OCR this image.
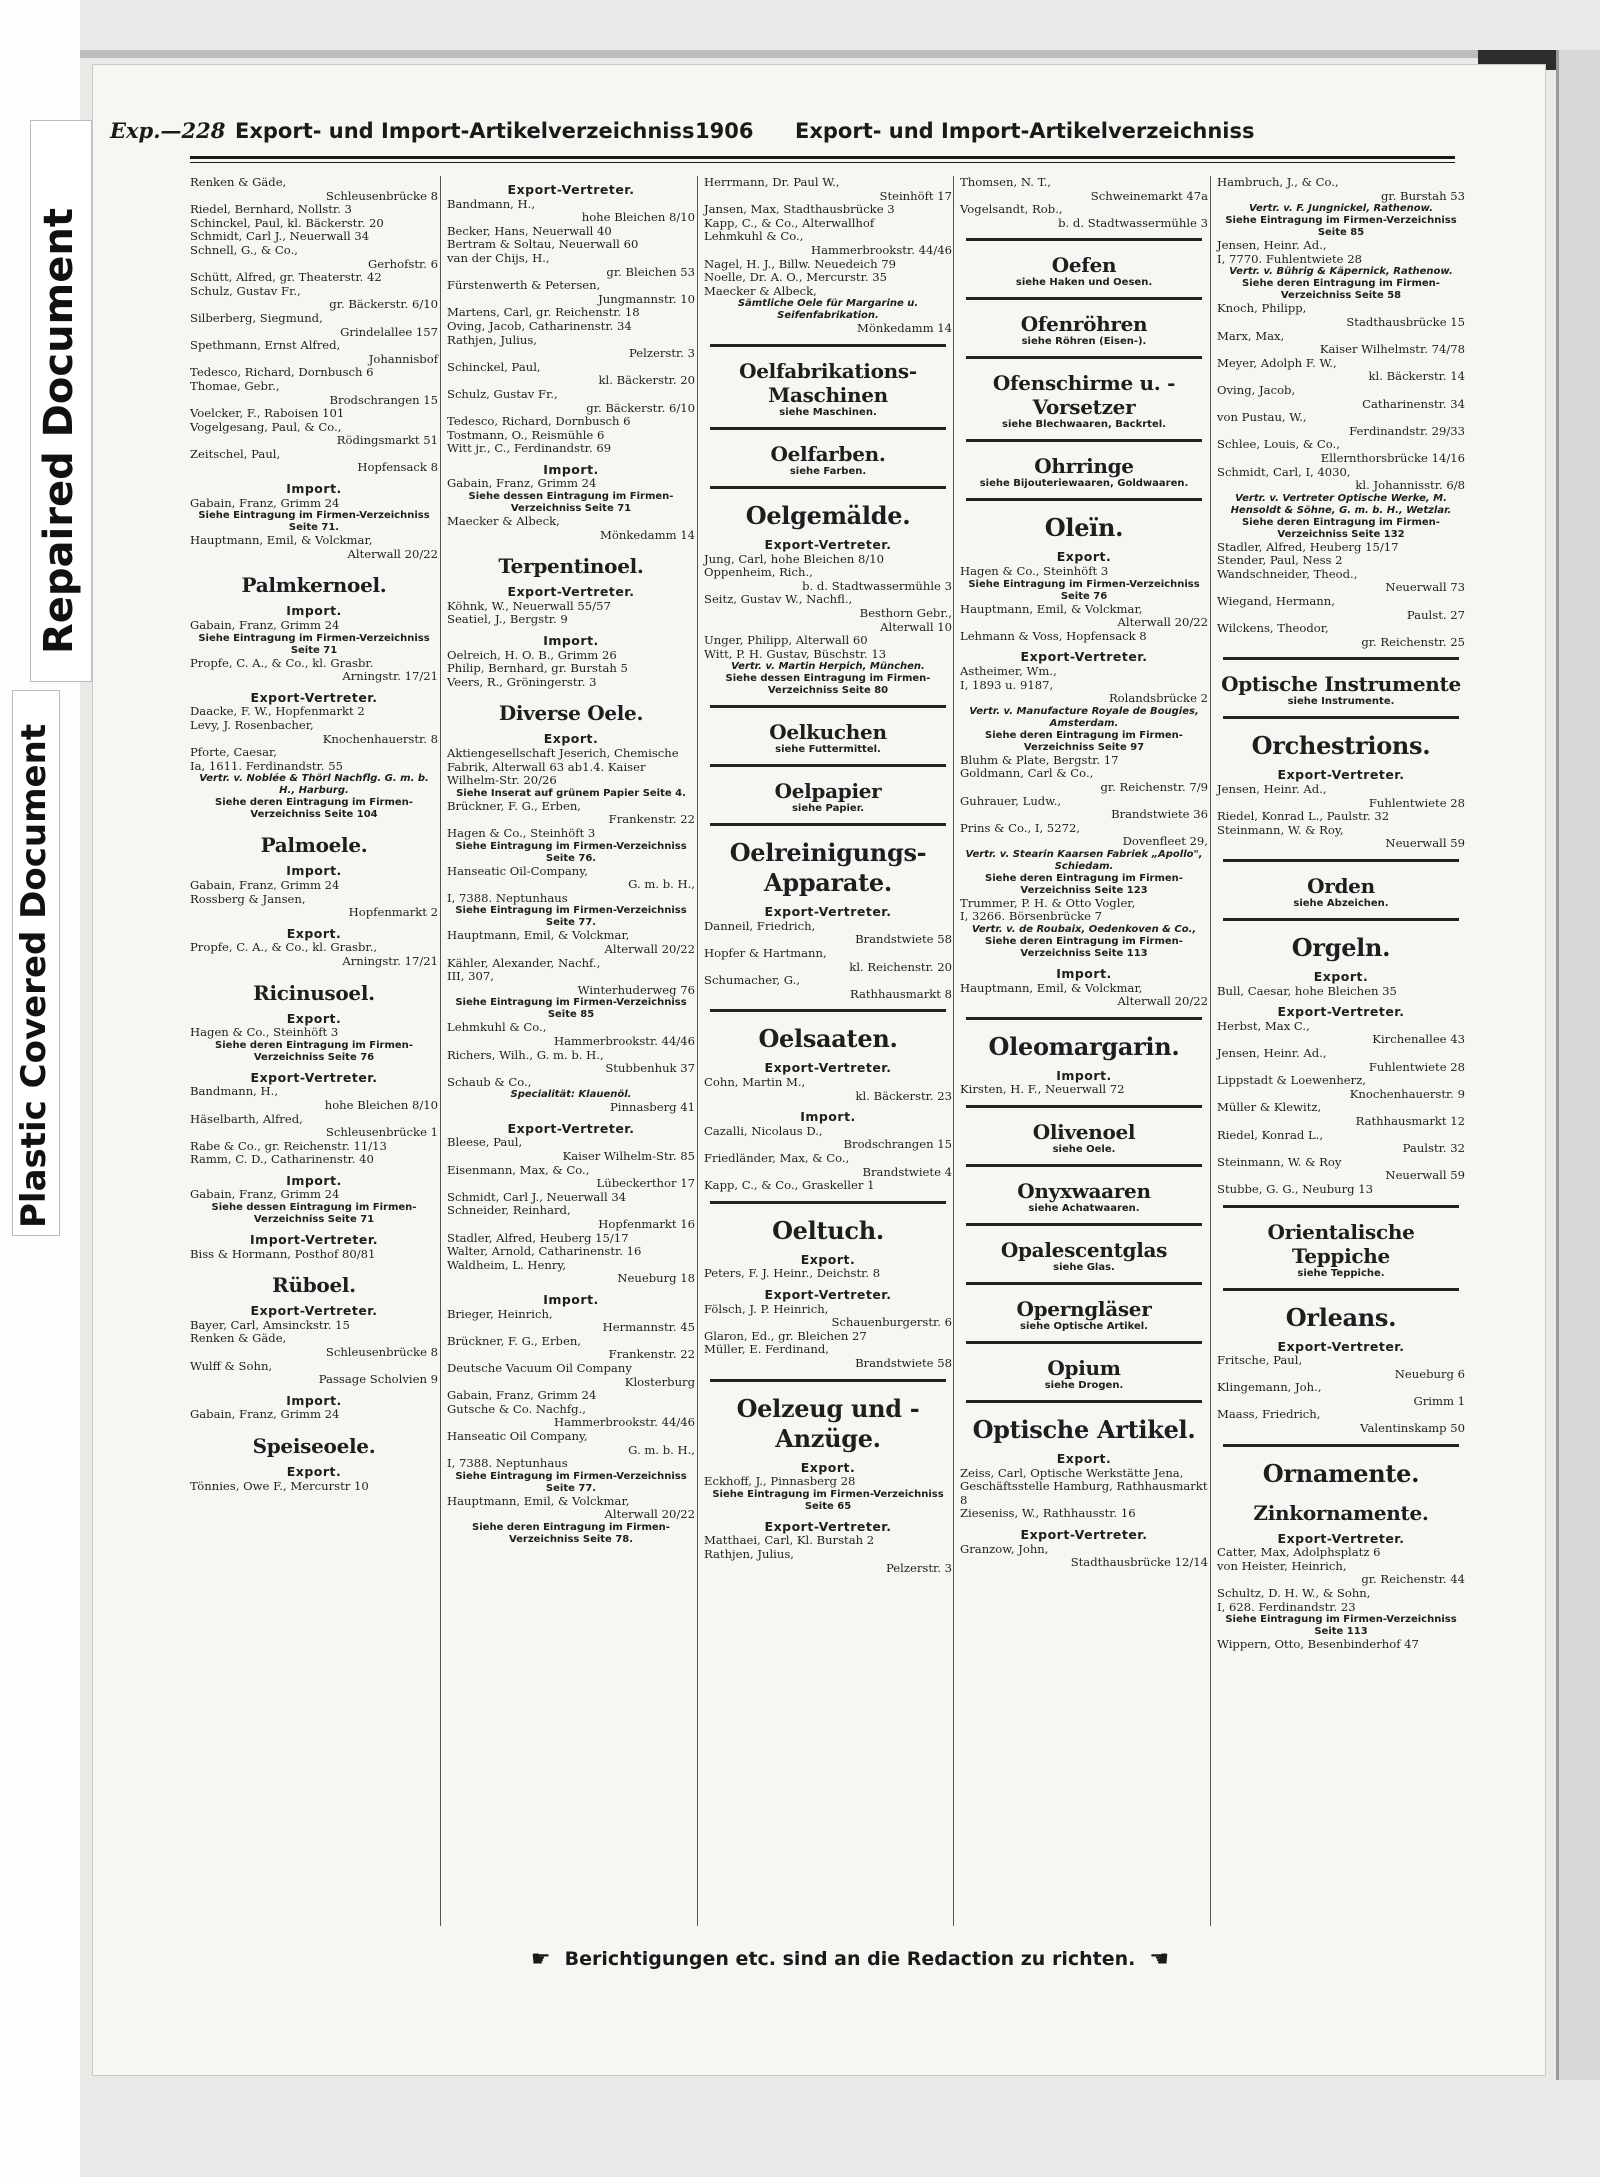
Plastic Covered Document
Repaired Document
Exp.—228 Export- und Import-Artikelverzeichniss 1906	Export- und Import-Artikelverzeichniss

Renken & Gäde,

Schleusenbrücke 8

Riedel, Bernhard, Nollstr. 3

Schinckel, Paul, kl. Bäckerstr. 20

Schmidt, Carl J., Neuerwall 34

Schnell, G., & Co.,

Gerhofstr. 6

Schütt, Alfred, gr. Theaterstr. 42

Schulz, Gustav Fr.,

gr. Bäckerstr. 6/10

Silberberg, Siegmund,

Grindelallee 157

Spethmann, Ernst Alfred,

Johannisbof

Tedesco, Richard, Dornbusch 6

Thomae, Gebr.,

Brodschrangen 15

Voelcker, F., Raboisen 101

Vogelgesang, Paul, & Co.,

Rödingsmarkt 51

Zeitschel, Paul,

Hopfensack 8

Import.

Gabain, Franz, Grimm 24

Siehe Eintragung im Firmen-Verzeichniss Seite 71.

Hauptmann, Emil, & Volckmar,

Alterwall 20/22

Palmkernoel.

Import.

Gabain, Franz, Grimm 24

Siehe Eintragung im Firmen-Verzeichniss Seite 71

Propfe, C. A., & Co., kl. Grasbr.

Arningstr. 17/21

Export-Vertreter.

Daacke, F. W., Hopfenmarkt 2

Levy, J. Rosenbacher,

Knochenhauerstr. 8

Pforte, Caesar,

Ia, 1611. Ferdinandstr. 55

Vertr. v. Noblée & Thörl Nachflg. G. m. b. H., Harburg.

Siehe deren Eintragung im Firmen-Verzeichniss Seite 104

Palmoele.

Import.

Gabain, Franz, Grimm 24

Rossberg & Jansen,

Hopfenmarkt 2

Export.

Propfe, C. A., & Co., kl. Grasbr.,

Arningstr. 17/21

Ricinusoel.

Export.

Hagen & Co., Steinhöft 3

Siehe deren Eintragung im Firmen-Verzeichniss Seite 76

Export-Vertreter.

Bandmann, H.,

hohe Bleichen 8/10

Häselbarth, Alfred,

Schleusenbrücke 1

Rabe & Co., gr. Reichenstr. 11/13

Ramm, C. D., Catharinenstr. 40

Import.

Gabain, Franz, Grimm 24

Siehe dessen Eintragung im Firmen-Verzeichniss Seite 71

Import-Vertreter.

Biss & Hormann, Posthof 80/81

Rüboel.

Export-Vertreter.

Bayer, Carl, Amsinckstr. 15

Renken & Gäde,

Schleusenbrücke 8

Wulff & Sohn,

Passage Scholvien 9

Import.

Gabain, Franz, Grimm 24

Speiseoele.

Export.

Tönnies, Owe F., Mercurstr 10

Export-Vertreter.

Bandmann, H.,

hohe Bleichen 8/10

Becker, Hans, Neuerwall 40

Bertram & Soltau, Neuerwall 60

van der Chijs, H.,

gr. Bleichen 53

Fürstenwerth & Petersen,

Jungmannstr. 10

Martens, Carl, gr. Reichenstr. 18

Oving, Jacob, Catharinenstr. 34

Rathjen, Julius,

Pelzerstr. 3

Schinckel, Paul,

kl. Bäckerstr. 20

Schulz, Gustav Fr.,

gr. Bäckerstr. 6/10

Tedesco, Richard, Dornbusch 6

Tostmann, O., Reismühle 6

Witt jr., C., Ferdinandstr. 69

Import.

Gabain, Franz, Grimm 24

Siehe dessen Eintragung im Firmen-Verzeichniss Seite 71

Maecker & Albeck,

Mönkedamm 14

Terpentinoel.

Export-Vertreter.

Köhnk, W., Neuerwall 55/57

Seatiel, J., Bergstr. 9

Import.

Oelreich, H. O. B., Grimm 26

Philip, Bernhard, gr. Burstah 5

Veers, R., Gröningerstr. 3

Diverse Oele.

Export.

Aktiengesellschaft Jeserich, Chemische Fabrik, Alterwall 63 ab1.4. Kaiser Wilhelm-Str. 20/26

Siehe Inserat auf grünem Papier Seite 4.

Brückner, F. G., Erben,

Frankenstr. 22

Hagen & Co., Steinhöft 3

Siehe Eintragung im Firmen-Verzeichniss Seite 76.

Hanseatic Oil-Company,

G. m. b. H.,

I, 7388. Neptunhaus

Siehe Eintragung im Firmen-Verzeichniss Seite 77.

Hauptmann, Emil, & Volckmar,

Alterwall 20/22

Kähler, Alexander, Nachf.,

III, 307,

Winterhuderweg 76

Siehe Eintragung im Firmen-Verzeichniss Seite 85

Lehmkuhl & Co.,

Hammerbrookstr. 44/46

Richers, Wilh., G. m. b. H.,

Stubbenhuk 37

Schaub & Co.,

Specialität: Klauenöl.

Pinnasberg 41

Export-Vertreter.

Bleese, Paul,

Kaiser Wilhelm-Str. 85

Eisenmann, Max, & Co.,

Lübeckerthor 17

Schmidt, Carl J., Neuerwall 34

Schneider, Reinhard,

Hopfenmarkt 16

Stadler, Alfred, Heuberg 15/17

Walter, Arnold, Catharinenstr. 16

Waldheim, L. Henry,

Neueburg 18

Import.

Brieger, Heinrich,

Hermannstr. 45

Brückner, F. G., Erben,

Frankenstr. 22

Deutsche Vacuum Oil Company

Klosterburg

Gabain, Franz, Grimm 24

Gutsche & Co. Nachfg.,

Hammerbrookstr. 44/46

Hanseatic Oil Company,

G. m. b. H.,

I, 7388. Neptunhaus

Siehe Eintragung im Firmen-Verzeichniss Seite 77.

Hauptmann, Emil, & Volckmar,

Alterwall 20/22

Siehe deren Eintragung im Firmen-Verzeichniss Seite 78.

Herrmann, Dr. Paul W.,

Steinhöft 17

Jansen, Max, Stadthausbrücke 3

Kapp, C., & Co., Alterwallhof

Lehmkuhl & Co.,

Hammerbrookstr. 44/46

Nagel, H. J., Billw. Neuedeich 79

Noelle, Dr. A. O., Mercurstr. 35

Maecker & Albeck,

Sämtliche Oele für Margarine u. Seifenfabrikation.

Mönkedamm 14

Oelfabrikations-Maschinen

siehe Maschinen.

Oelfarben.

siehe Farben.

Oelgemälde.

Export-Vertreter.

Jung, Carl, hohe Bleichen 8/10

Oppenheim, Rich.,

b. d. Stadtwassermühle 3

Seitz, Gustav W., Nachfl.,

Besthorn Gebr.,

Alterwall 10

Unger, Philipp, Alterwall 60

Witt, P. H. Gustav, Büschstr. 13

Vertr. v. Martin Herpich, München.

Siehe dessen Eintragung im Firmen-Verzeichniss Seite 80

Oelkuchen

siehe Futtermittel.

Oelpapier

siehe Papier.

Oelreinigungs-Apparate.

Export-Vertreter.

Danneil, Friedrich,

Brandstwiete 58

Hopfer & Hartmann,

kl. Reichenstr. 20

Schumacher, G.,

Rathhausmarkt 8

Oelsaaten.

Export-Vertreter.

Cohn, Martin M.,

kl. Bäckerstr. 23

Import.

Cazalli, Nicolaus D.,

Brodschrangen 15

Friedländer, Max, & Co.,

Brandstwiete 4

Kapp, C., & Co., Graskeller 1

Oeltuch.

Export.

Peters, F. J. Heinr., Deichstr. 8

Export-Vertreter.

Fölsch, J. P. Heinrich,

Schauenburgerstr. 6

Glaron, Ed., gr. Bleichen 27

Müller, E. Ferdinand,

Brandstwiete 58

Oelzeug und -Anzüge.

Export.

Eckhoff, J., Pinnasberg 28

Siehe Eintragung im Firmen-Verzeichniss Seite 65

Export-Vertreter.

Matthaei, Carl, Kl. Burstah 2

Rathjen, Julius,

Pelzerstr. 3

Thomsen, N. T.,

Schweinemarkt 47a

Vogelsandt, Rob.,

b. d. Stadtwassermühle 3

Oefen

siehe Haken und Oesen.

Ofenröhren

siehe Röhren (Eisen-).

Ofenschirme u. -Vorsetzer

siehe Blechwaaren, Backrtel.

Ohrringe

siehe Bijouteriewaaren, Goldwaaren.

Oleïn.

Export.

Hagen & Co., Steinhöft 3

Siehe Eintragung im Firmen-Verzeichniss Seite 76

Hauptmann, Emil, & Volckmar,

Alterwall 20/22

Lehmann & Voss, Hopfensack 8

Export-Vertreter.

Astheimer, Wm.,

I, 1893 u. 9187,

Rolandsbrücke 2

Vertr. v. Manufacture Royale de Bougies, Amsterdam.

Siehe deren Eintragung im Firmen-Verzeichniss Seite 97

Bluhm & Plate, Bergstr. 17

Goldmann, Carl & Co.,

gr. Reichenstr. 7/9

Guhrauer, Ludw.,

Brandstwiete 36

Prins & Co., I, 5272,

Dovenfleet 29,

Vertr. v. Stearin Kaarsen Fabriek „Apollo", Schiedam.

Siehe deren Eintragung im Firmen-Verzeichniss Seite 123

Trummer, P. H. & Otto Vogler,

I, 3266. Börsenbrücke 7

Vertr. v. de Roubaix, Oedenkoven & Co.,

Siehe deren Eintragung im Firmen-Verzeichniss Seite 113

Import.

Hauptmann, Emil, & Volckmar,

Alterwall 20/22

Oleomargarin.

Import.

Kirsten, H. F., Neuerwall 72

Olivenoel

siehe Oele.

Onyxwaaren

siehe Achatwaaren.

Opalescentglas

siehe Glas.

Operngläser

siehe Optische Artikel.

Opium

siehe Drogen.

Optische Artikel.

Export.

Zeiss, Carl, Optische Werkstätte Jena, Geschäftsstelle Hamburg, Rathhausmarkt 8

Zieseniss, W., Rathhausstr. 16

Export-Vertreter.

Granzow, John,

Stadthausbrücke 12/14

Hambruch, J., & Co.,

gr. Burstah 53

Vertr. v. F. Jungnickel, Rathenow.

Siehe Eintragung im Firmen-Verzeichniss Seite 85

Jensen, Heinr. Ad.,

I, 7770. Fuhlentwiete 28

Vertr. v. Bührig & Käpernick, Rathenow.

Siehe deren Eintragung im Firmen-Verzeichniss Seite 58

Knoch, Philipp,

Stadthausbrücke 15

Marx, Max,

Kaiser Wilhelmstr. 74/78

Meyer, Adolph F. W.,

kl. Bäckerstr. 14

Oving, Jacob,

Catharinenstr. 34

von Pustau, W.,

Ferdinandstr. 29/33

Schlee, Louis, & Co.,

Ellernthorsbrücke 14/16

Schmidt, Carl, I, 4030,

kl. Johannisstr. 6/8

Vertr. v. Vertreter Optische Werke, M. Hensoldt & Söhne, G. m. b. H., Wetzlar.

Siehe deren Eintragung im Firmen-Verzeichniss Seite 132

Stadler, Alfred, Heuberg 15/17

Stender, Paul, Ness 2

Wandschneider, Theod.,

Neuerwall 73

Wiegand, Hermann,

Paulst. 27

Wilckens, Theodor,

gr. Reichenstr. 25

Optische Instrumente

siehe Instrumente.

Orchestrions.

Export-Vertreter.

Jensen, Heinr. Ad.,

Fuhlentwiete 28

Riedel, Konrad L., Paulstr. 32

Steinmann, W. & Roy,

Neuerwall 59

Orden

siehe Abzeichen.

Orgeln.

Export.

Bull, Caesar, hohe Bleichen 35

Export-Vertreter.

Herbst, Max C.,

Kirchenallee 43

Jensen, Heinr. Ad.,

Fuhlentwiete 28

Lippstadt & Loewenherz,

Knochenhauerstr. 9

Müller & Klewitz,

Rathhausmarkt 12

Riedel, Konrad L.,

Paulstr. 32

Steinmann, W. & Roy

Neuerwall 59

Stubbe, G. G., Neuburg 13

Orientalische Teppiche

siehe Teppiche.

Orleans.

Export-Vertreter.

Fritsche, Paul,

Neueburg 6

Klingemann, Joh.,

Grimm 1

Maass, Friedrich,

Valentinskamp 50

Ornamente.

Zinkornamente.

Export-Vertreter.

Catter, Max, Adolphsplatz 6

von Heister, Heinrich,

gr. Reichenstr. 44

Schultz, D. H. W., & Sohn,

I, 628. Ferdinandstr. 23

Siehe Eintragung im Firmen-Verzeichniss Seite 113

Wippern, Otto, Besenbinderhof 47

☛ Berichtigungen etc. sind an die Redaction zu richten. ☚
